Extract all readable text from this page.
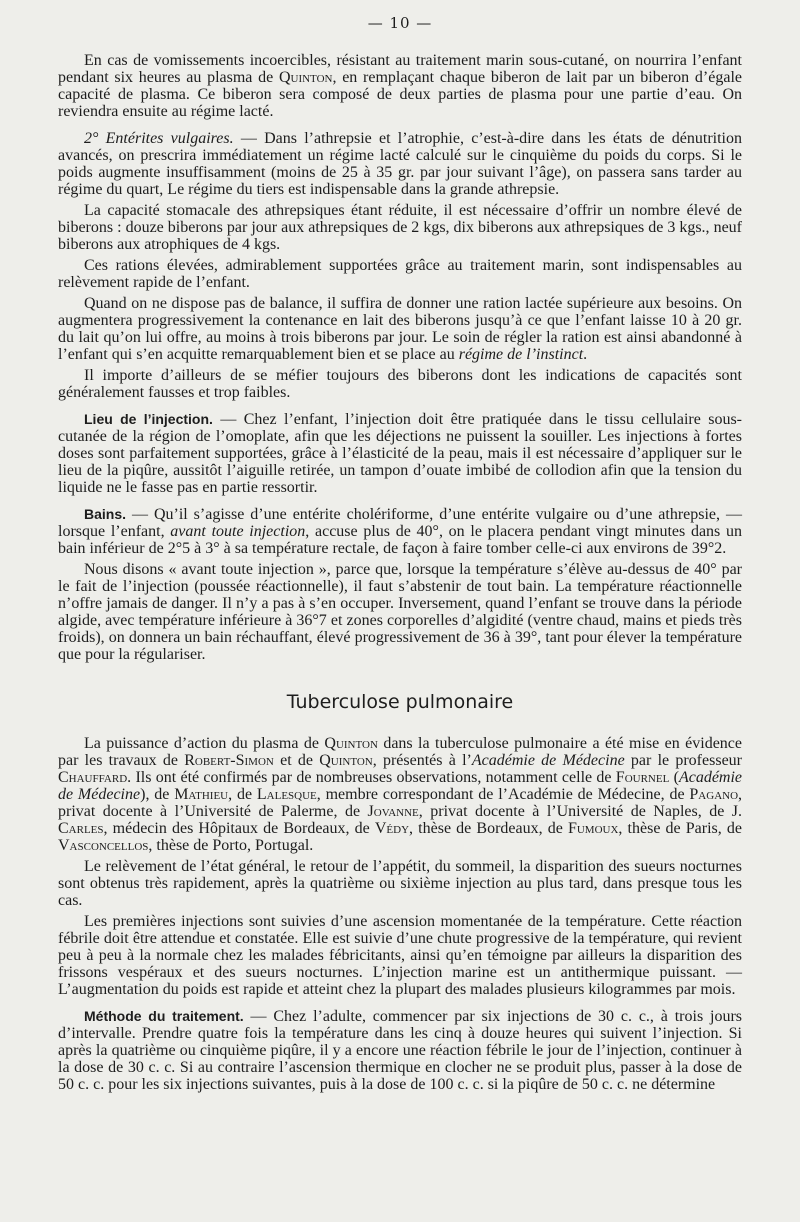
— 10 —

En cas de vomissements incoercibles, résistant au traitement marin sous-cutané, on nourrira l’enfant pendant six heures au plasma de Quinton, en remplaçant chaque biberon de lait par un biberon d’égale capacité de plasma. Ce biberon sera composé de deux parties de plasma pour une partie d’eau. On reviendra ensuite au régime lacté.

2° Entérites vulgaires. — Dans l’athrepsie et l’atrophie, c’est-à-dire dans les états de dénutrition avancés, on prescrira immédiatement un régime lacté calculé sur le cinquième du poids du corps. Si le poids augmente insuffisamment (moins de 25 à 35 gr. par jour suivant l’âge), on passera sans tarder au régime du quart, Le régime du tiers est indispensable dans la grande athrepsie.

La capacité stomacale des athrepsiques étant réduite, il est nécessaire d’offrir un nombre élevé de biberons : douze biberons par jour aux athrepsiques de 2 kgs, dix biberons aux athrepsiques de 3 kgs., neuf biberons aux atrophiques de 4 kgs.

Ces rations élevées, admirablement supportées grâce au traitement marin, sont indispensables au relèvement rapide de l’enfant.

Quand on ne dispose pas de balance, il suffira de donner une ration lactée supérieure aux besoins. On augmentera progressivement la contenance en lait des biberons jusqu’à ce que l’enfant laisse 10 à 20 gr. du lait qu’on lui offre, au moins à trois biberons par jour. Le soin de régler la ration est ainsi abandonné à l’enfant qui s’en acquitte remarquablement bien et se place au régime de l’instinct.

Il importe d’ailleurs de se méfier toujours des biberons dont les indications de capacités sont généralement fausses et trop faibles.

Lieu de l’injection. — Chez l’enfant, l’injection doit être pratiquée dans le tissu cellulaire sous-cutanée de la région de l’omoplate, afin que les déjections ne puissent la souiller. Les injections à fortes doses sont parfaitement supportées, grâce à l’élasticité de la peau, mais il est nécessaire d’appliquer sur le lieu de la piqûre, aussitôt l’aiguille retirée, un tampon d’ouate imbibé de collodion afin que la tension du liquide ne le fasse pas en partie ressortir.

Bains. — Qu’il s’agisse d’une entérite cholériforme, d’une entérite vulgaire ou d’une athrepsie, — lorsque l’enfant, avant toute injection, accuse plus de 40°, on le placera pendant vingt minutes dans un bain inférieur de 2°5 à 3° à sa température rectale, de façon à faire tomber celle-ci aux environs de 39°2.

Nous disons « avant toute injection », parce que, lorsque la température s’élève au-dessus de 40° par le fait de l’injection (poussée réactionnelle), il faut s’abstenir de tout bain. La température réactionnelle n’offre jamais de danger. Il n’y a pas à s’en occuper. Inversement, quand l’enfant se trouve dans la période algide, avec température inférieure à 36°7 et zones corporelles d’algidité (ventre chaud, mains et pieds très froids), on donnera un bain réchauffant, élevé progressivement de 36 à 39°, tant pour élever la température que pour la régulariser.

Tuberculose pulmonaire

La puissance d’action du plasma de Quinton dans la tuberculose pulmonaire a été mise en évidence par les travaux de Robert-Simon et de Quinton, présentés à l’Académie de Médecine par le professeur Chauffard. Ils ont été confirmés par de nombreuses observations, notamment celle de Fournel (Académie de Médecine), de Mathieu, de Lalesque, membre correspondant de l’Académie de Médecine, de Pagano, privat docente à l’Université de Palerme, de Jovanne, privat docente à l’Université de Naples, de J. Carles, médecin des Hôpitaux de Bordeaux, de Védy, thèse de Bordeaux, de Fumoux, thèse de Paris, de Vasconcellos, thèse de Porto, Portugal.

Le relèvement de l’état général, le retour de l’appétit, du sommeil, la disparition des sueurs nocturnes sont obtenus très rapidement, après la quatrième ou sixième injection au plus tard, dans presque tous les cas.

Les premières injections sont suivies d’une ascension momentanée de la température. Cette réaction fébrile doit être attendue et constatée. Elle est suivie d’une chute progressive de la température, qui revient peu à peu à la normale chez les malades fébricitants, ainsi qu’en témoigne par ailleurs la disparition des frissons vespéraux et des sueurs nocturnes. L’injection marine est un antithermique puissant. — L’augmentation du poids est rapide et atteint chez la plupart des malades plusieurs kilogrammes par mois.

Méthode du traitement. — Chez l’adulte, commencer par six injections de 30 c. c., à trois jours d’intervalle. Prendre quatre fois la température dans les cinq à douze heures qui suivent l’injection. Si après la quatrième ou cinquième piqûre, il y a encore une réaction fébrile le jour de l’injection, continuer à la dose de 30 c. c. Si au contraire l’ascension thermique en clocher ne se produit plus, passer à la dose de 50 c. c. pour les six injections suivantes, puis à la dose de 100 c. c. si la piqûre de 50 c. c. ne détermine
